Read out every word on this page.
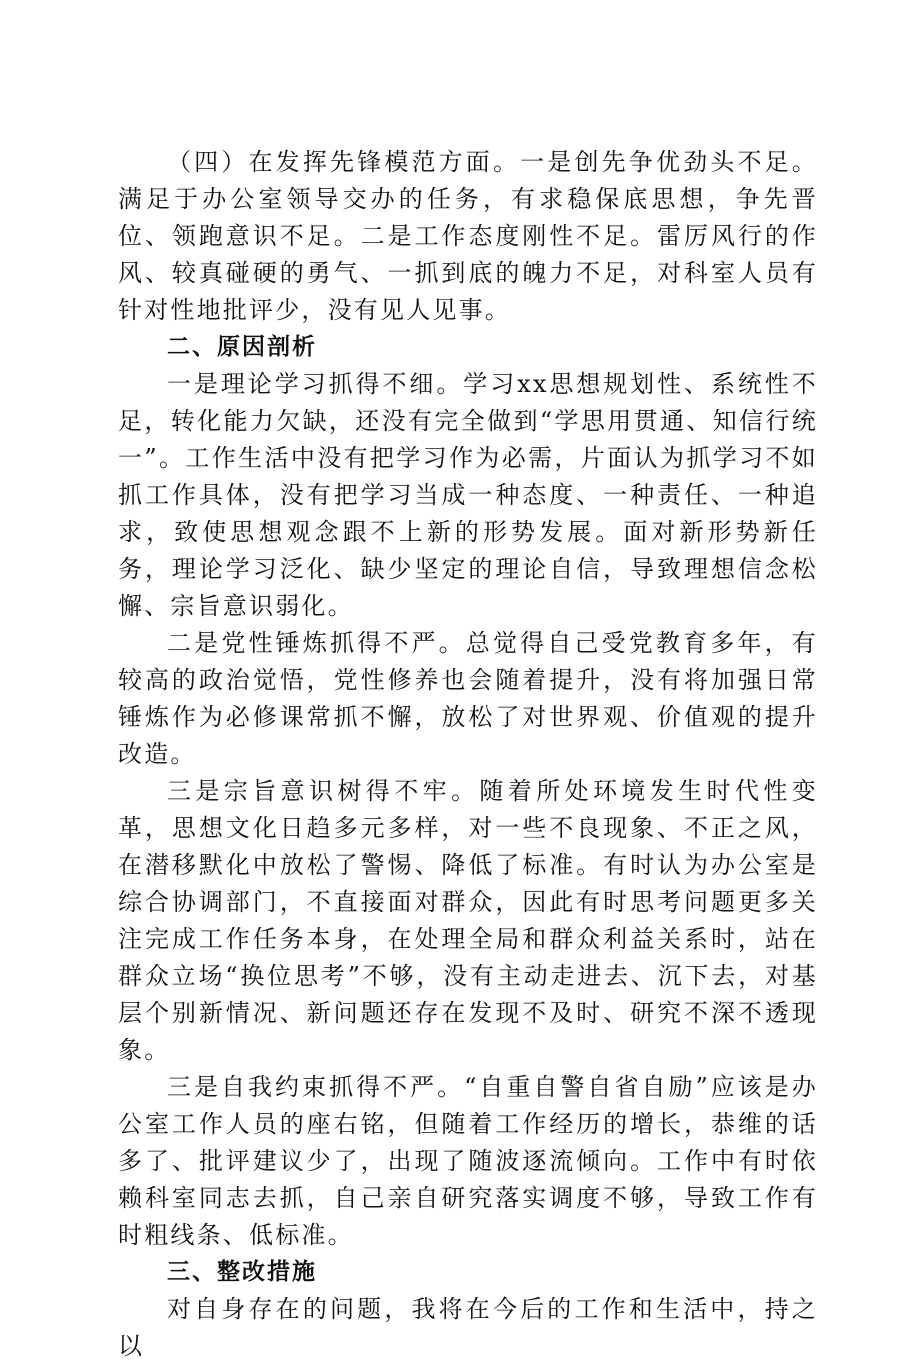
（四）在发挥先锋模范方面。一是创先争优劲头不足。满足于办公室领导交办的任务，有求稳保底思想，争先晋位、领跑意识不足。二是工作态度刚性不足。雷厉风行的作风、较真碰硬的勇气、一抓到底的魄力不足，对科室人员有针对性地批评少，没有见人见事。

二、原因剖析

一是理论学习抓得不细。学习xx思想规划性、系统性不足，转化能力欠缺，还没有完全做到“学思用贯通、知信行统一”。工作生活中没有把学习作为必需，片面认为抓学习不如抓工作具体，没有把学习当成一种态度、一种责任、一种追求，致使思想观念跟不上新的形势发展。面对新形势新任务，理论学习泛化、缺少坚定的理论自信，导致理想信念松懈、宗旨意识弱化。

二是党性锤炼抓得不严。总觉得自己受党教育多年，有较高的政治觉悟，党性修养也会随着提升，没有将加强日常锤炼作为必修课常抓不懈，放松了对世界观、价值观的提升改造。

三是宗旨意识树得不牢。随着所处环境发生时代性变革，思想文化日趋多元多样，对一些不良现象、不正之风，在潜移默化中放松了警惕、降低了标准。有时认为办公室是综合协调部门，不直接面对群众，因此有时思考问题更多关注完成工作任务本身，在处理全局和群众利益关系时，站在群众立场“换位思考”不够，没有主动走进去、沉下去，对基层个别新情况、新问题还存在发现不及时、研究不深不透现象。

三是自我约束抓得不严。“自重自警自省自励”应该是办公室工作人员的座右铭，但随着工作经历的增长，恭维的话多了、批评建议少了，出现了随波逐流倾向。工作中有时依赖科室同志去抓，自己亲自研究落实调度不够，导致工作有时粗线条、低标准。

三、整改措施

对自身存在的问题，我将在今后的工作和生活中，持之以
